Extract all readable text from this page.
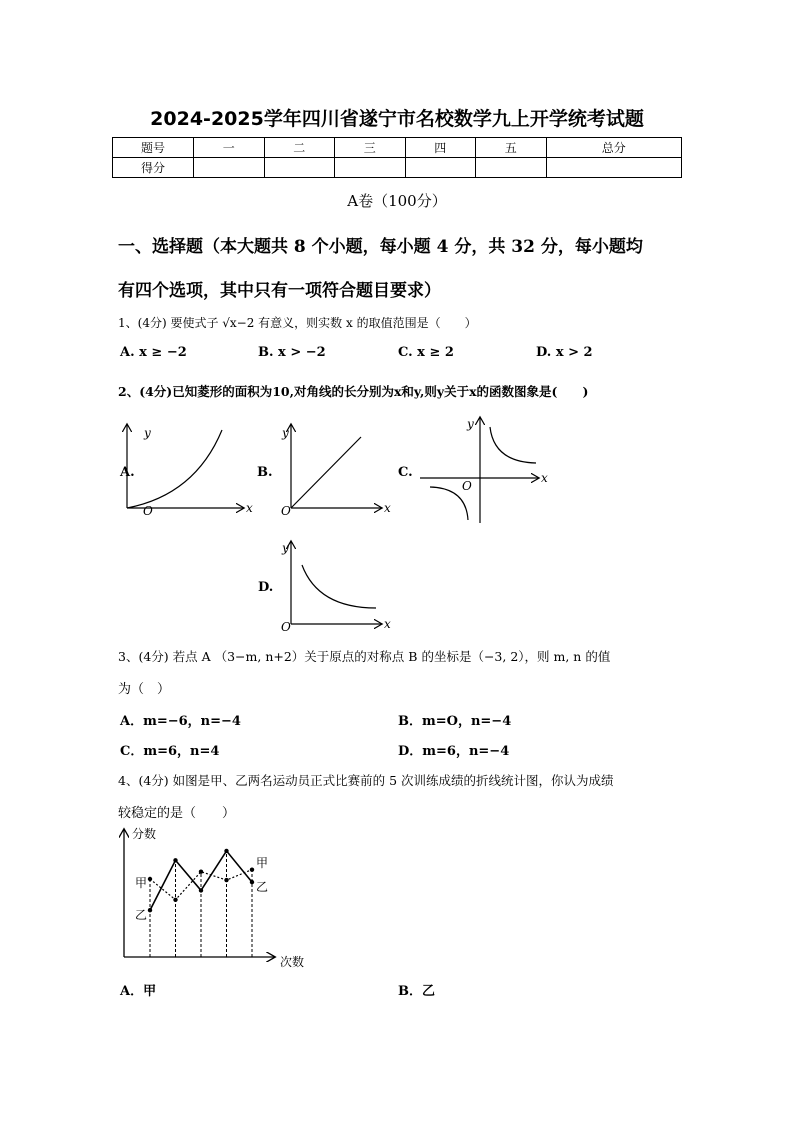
2024-2025学年四川省遂宁市名校数学九上开学统考试题
题号	一	二	三	四	五	总分
得分						
A卷（100分）
一、选择题（本大题共 8 个小题，每小题 4 分，共 32 分，每小题均
有四个选项，其中只有一项符合题目要求）
1、(4分) 要使式子 √x−2 有意义，则实数 x 的取值范围是（　　）
A. x ≥ −2	B. x > −2	C. x ≥ 2	D. x > 2
2、(4分)已知菱形的面积为10,对角线的长分别为x和y,则y关于x的函数图象是(　　)
A.	B.	C.
D.
3、(4分) 若点 A （3−m, n+2）关于原点的对称点 B 的坐标是（−3, 2），则 m, n 的值
为（　）
A．m=−6，n=−4	B．m=O，n=−4
C．m=6，n=4	D．m=6，n=−4
4、(4分) 如图是甲、乙两名运动员正式比赛前的 5 次训练成绩的折线统计图，你认为成绩
较稳定的是（　　）
A．甲	B．乙
y
O	x
y
O	x
y
O
x
y
O	x
分数
次数
甲
乙
甲
乙
